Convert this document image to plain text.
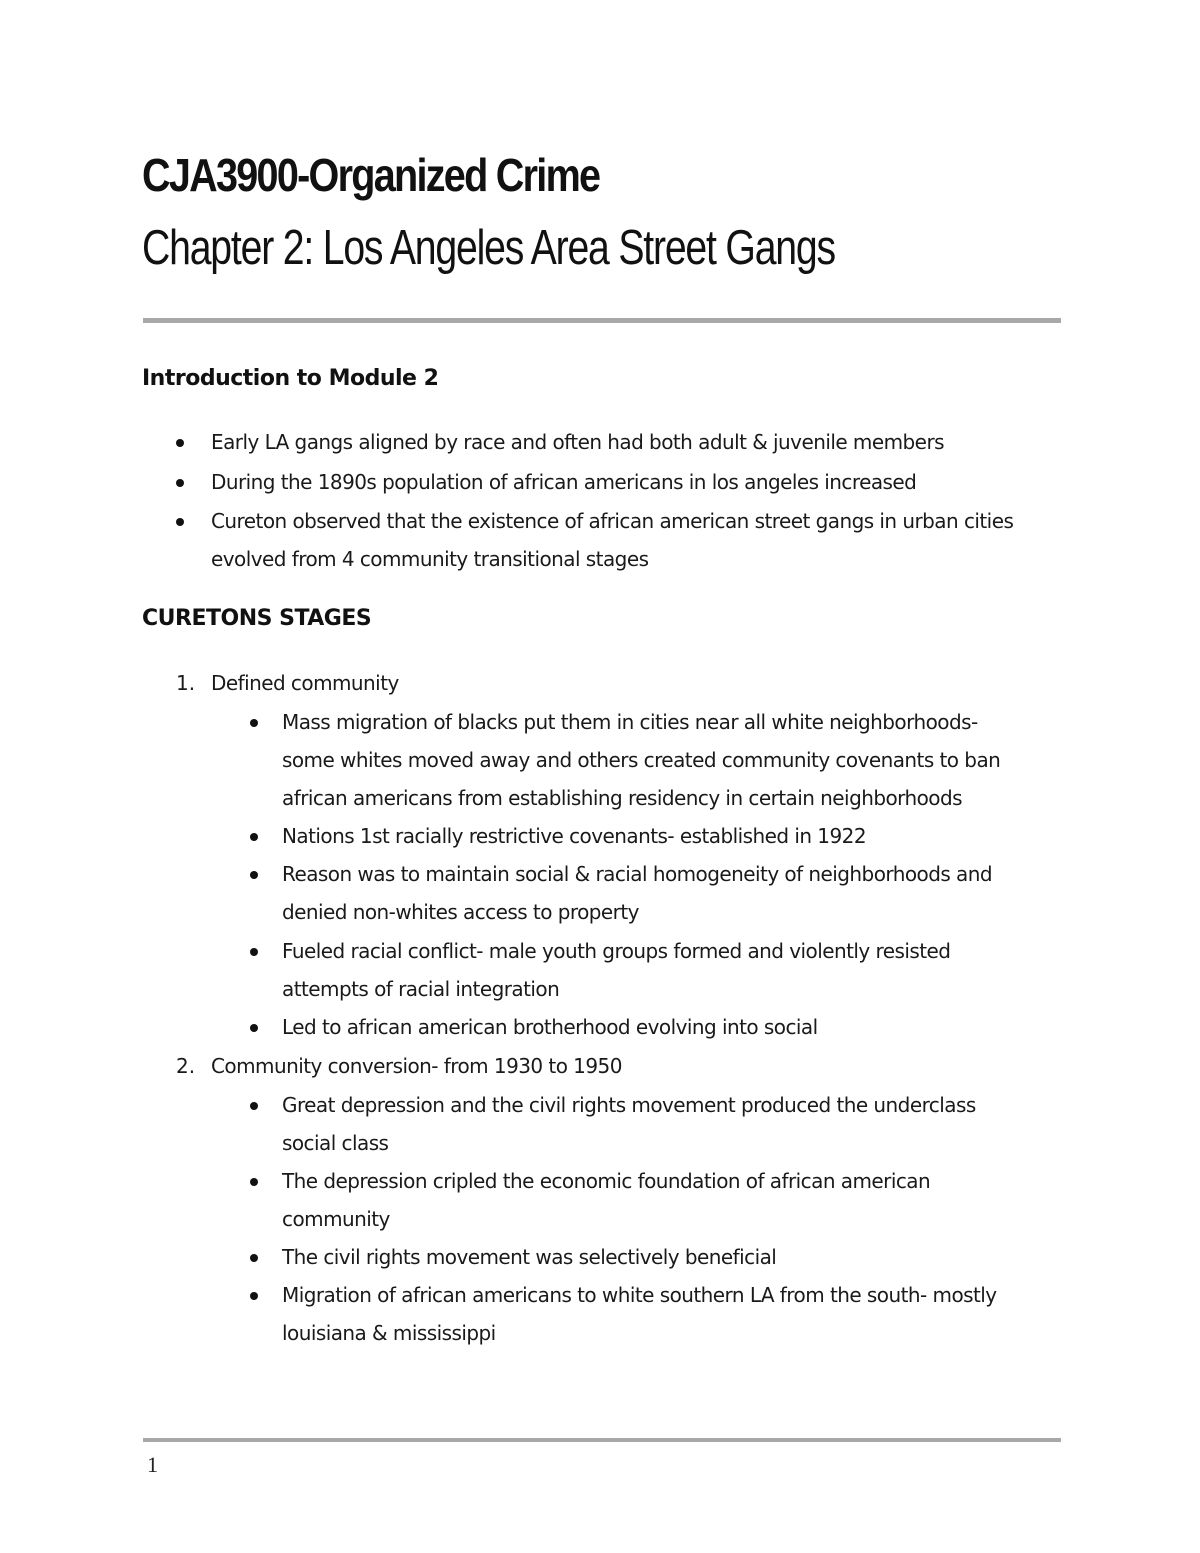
CJA3900-Organized Crime
Chapter 2: Los Angeles Area Street Gangs
Introduction to Module 2
Early LA gangs aligned by race and often had both adult & juvenile members
During the 1890s population of african americans in los angeles increased
Cureton observed that the existence of african american street gangs in urban cities
evolved from 4 community transitional stages
CURETONS STAGES
1. Defined community
Mass migration of blacks put them in cities near all white neighborhoods-
some whites moved away and others created community covenants to ban
african americans from establishing residency in certain neighborhoods
Nations 1st racially restrictive covenants- established in 1922
Reason was to maintain social & racial homogeneity of neighborhoods and
denied non-whites access to property
Fueled racial conflict- male youth groups formed and violently resisted
attempts of racial integration
Led to african american brotherhood evolving into social
2. Community conversion- from 1930 to 1950
Great depression and the civil rights movement produced the underclass
social class
The depression cripled the economic foundation of african american
community
The civil rights movement was selectively beneficial
Migration of african americans to white southern LA from the south- mostly
louisiana & mississippi
1
